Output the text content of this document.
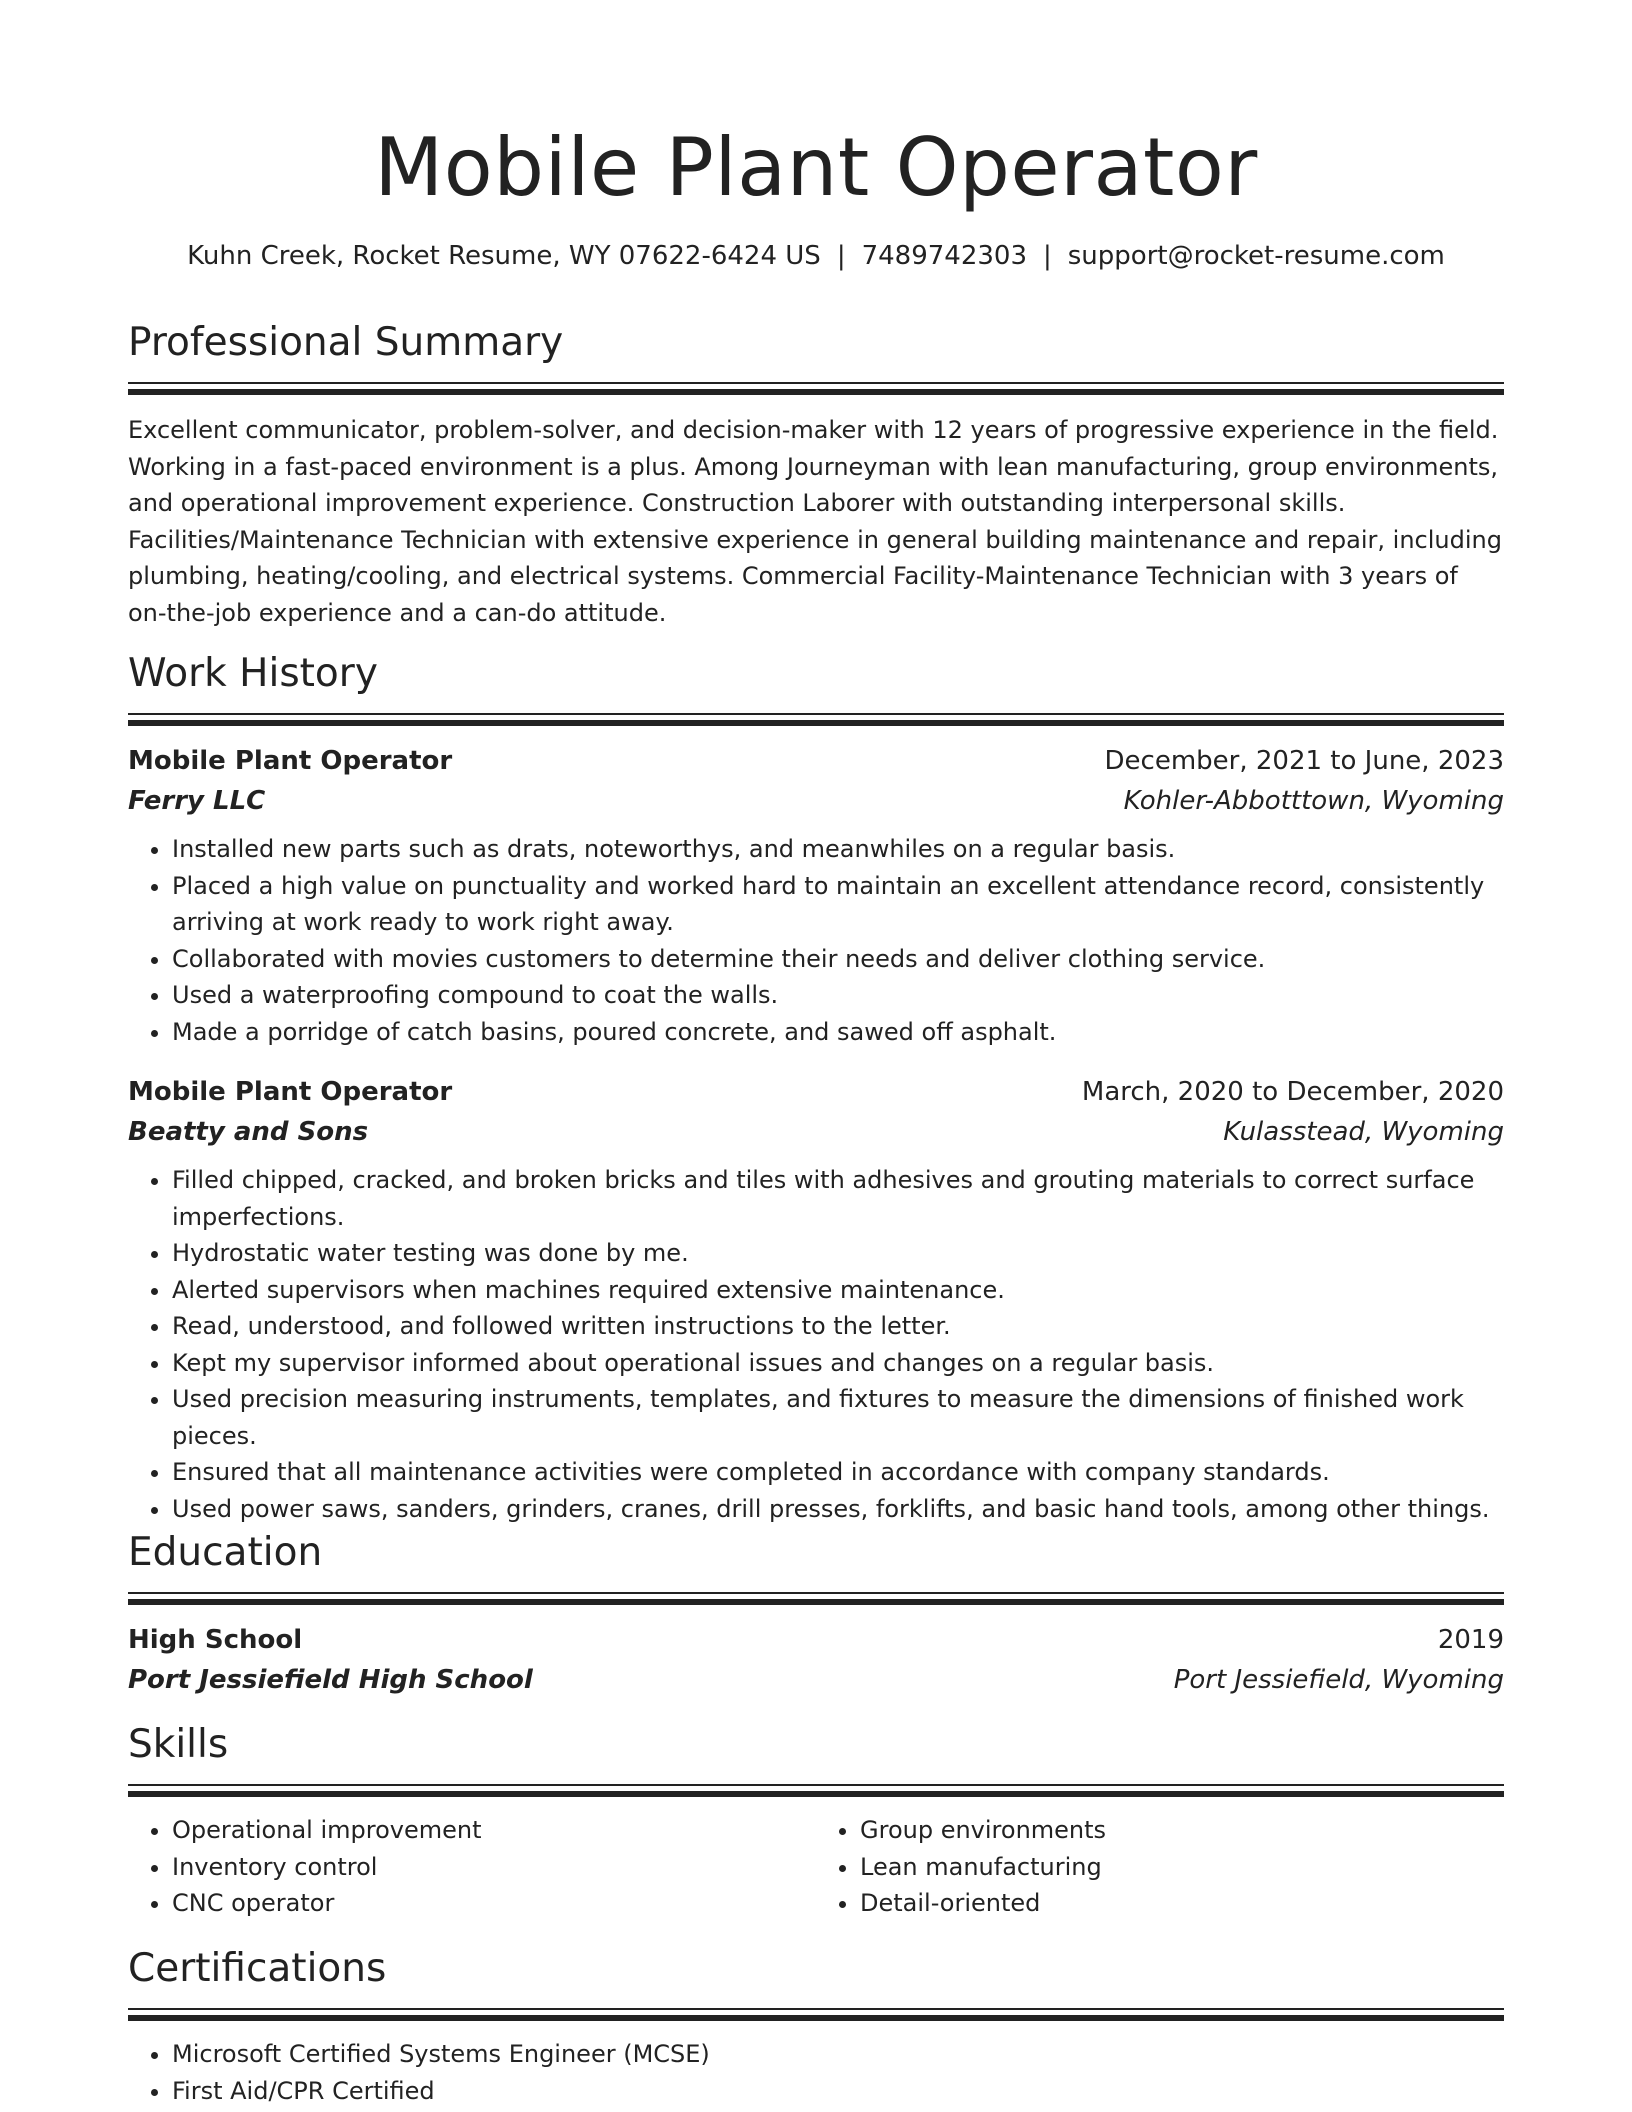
Mobile Plant Operator
Kuhn Creek, Rocket Resume, WY 07622-6424 US | 7489742303 | support@rocket-resume.com
Professional Summary

Excellent communicator, problem-solver, and decision-maker with 12 years of progressive experience in the field. Working in a fast-paced environment is a plus. Among Journeyman with lean manufacturing, group environments, and operational improvement experience. Construction Laborer with outstanding interpersonal skills. Facilities/Maintenance Technician with extensive experience in general building maintenance and repair, including plumbing, heating/cooling, and electrical systems. Commercial Facility-Maintenance Technician with 3 years of on-the-job experience and a can-do attitude.

Work History
Mobile Plant Operator	December, 2021 to June, 2023
Ferry LLC	Kohler-Abbotttown, Wyoming
• Installed new parts such as drats, noteworthys, and meanwhiles on a regular basis.
• Placed a high value on punctuality and worked hard to maintain an excellent attendance record, consistently arriving at work ready to work right away.
• Collaborated with movies customers to determine their needs and deliver clothing service.
• Used a waterproofing compound to coat the walls.
• Made a porridge of catch basins, poured concrete, and sawed off asphalt.
Mobile Plant Operator	March, 2020 to December, 2020
Beatty and Sons	Kulasstead, Wyoming
• Filled chipped, cracked, and broken bricks and tiles with adhesives and grouting materials to correct surface imperfections.
• Hydrostatic water testing was done by me.
• Alerted supervisors when machines required extensive maintenance.
• Read, understood, and followed written instructions to the letter.
• Kept my supervisor informed about operational issues and changes on a regular basis.
• Used precision measuring instruments, templates, and fixtures to measure the dimensions of finished work pieces.
• Ensured that all maintenance activities were completed in accordance with company standards.
• Used power saws, sanders, grinders, cranes, drill presses, forklifts, and basic hand tools, among other things.
Education
High School	2019
Port Jessiefield High School	Port Jessiefield, Wyoming
Skills
• Operational improvement
• Inventory control
• CNC operator
• Group environments
• Lean manufacturing
• Detail-oriented
Certifications
• Microsoft Certified Systems Engineer (MCSE)
• First Aid/CPR Certified
